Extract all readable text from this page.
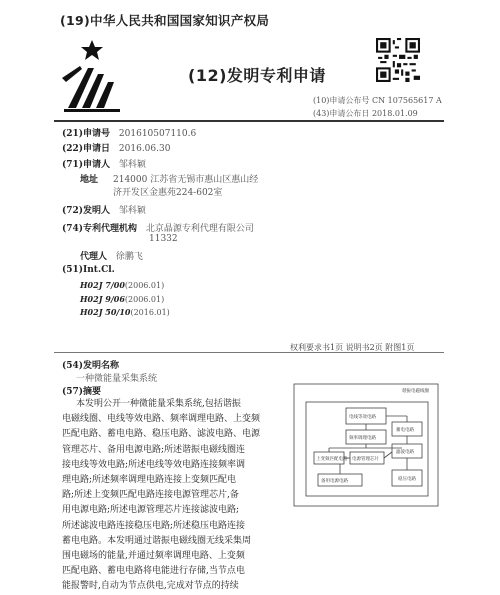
(19)中华人民共和国国家知识产权局
(12)发明专利申请
(10)申请公布号 CN 107565617 A
(43)申请公布日 2018.01.09
(21)申请号 201610507110.6
(22)申请日 2016.06.30
(71)申请人 邹科颖
地址 214000 江苏省无锡市惠山区惠山经
济开发区金惠苑224-602室
(72)发明人 邹科颖
(74)专利代理机构 北京晶源专利代理有限公司
11332
代理人 徐鹏飞
(51)Int.Cl.
H02J 7/00(2006.01)
H02J 9/06(2006.01)
H02J 50/10(2016.01)
权利要求书1页 说明书2页 附图1页
(54)发明名称
一种微能量采集系统
(57)摘要
本发明公开一种微能量采集系统,包括谐振
电磁线圈、电线等效电路、频率调理电路、上变频
匹配电路、蓄电电路、稳压电路、滤波电路、电源
管理芯片、备用电源电路;所述谐振电磁线圈连
接电线等效电路;所述电线等效电路连接频率调
理电路;所述频率调理电路连接上变频匹配电
路;所述上变频匹配电路连接电源管理芯片,备
用电源电路;所述电源管理芯片连接滤波电路;
所述滤波电路连接稳压电路;所述稳压电路连接
蓄电电路。本发明通过谐振电磁线圈无线采集周
围电磁场的能量,并通过频率调理电路、上变频
匹配电路、蓄电电路将电能进行存储,当节点电
能报警时,自动为节点供电,完成对节点的持续
谐振电磁线圈
电线等效电路
频率调理电路
上变频匹配电路
蓄电电路
电源管理芯片
滤波电路
备用电源电路	稳压电路
